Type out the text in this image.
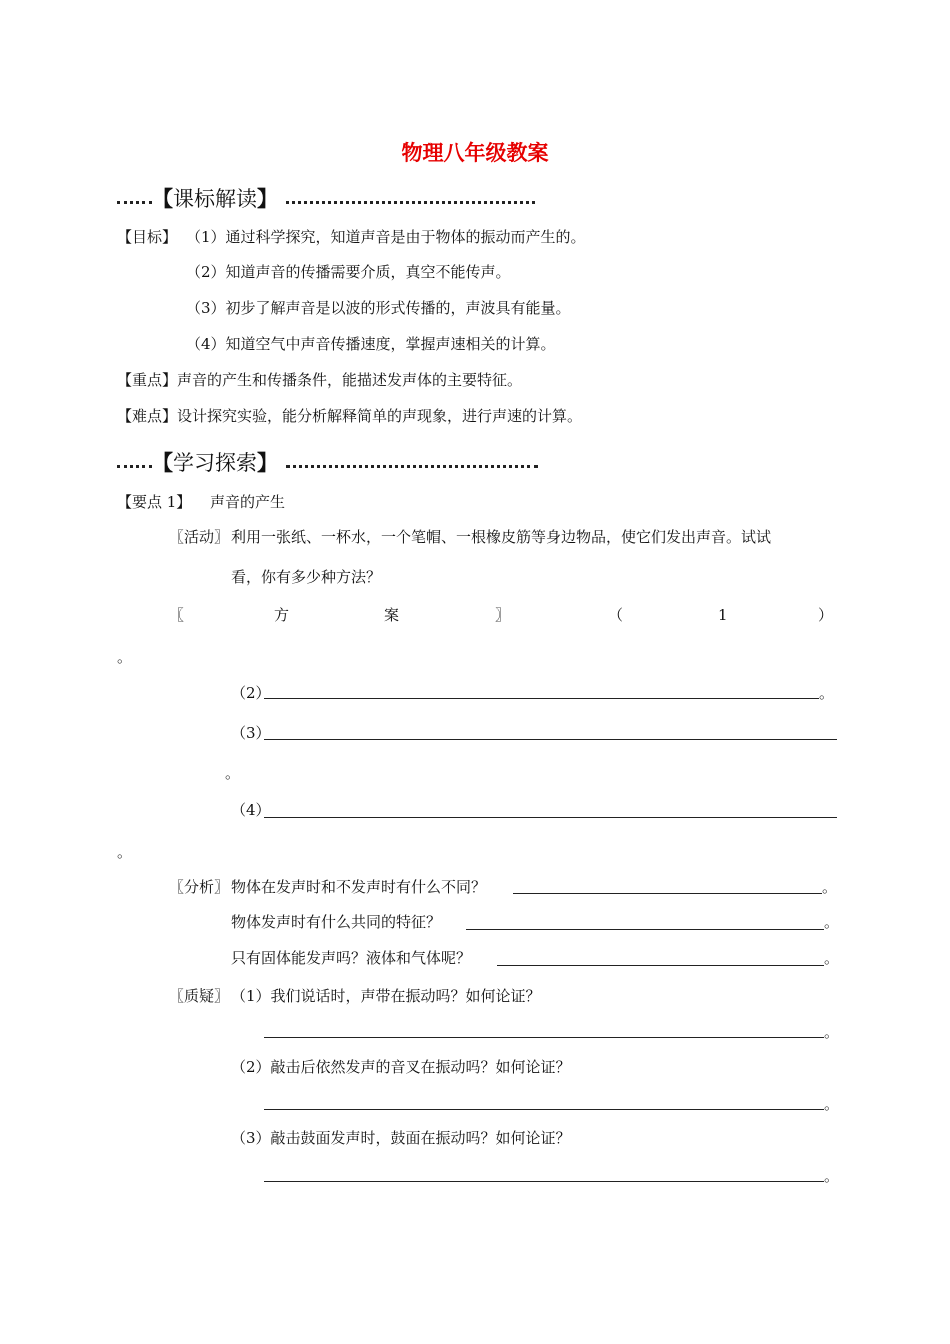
物理八年级教案
【课标解读】
【目标】 （1）通过科学探究，知道声音是由于物体的振动而产生的。
（2）知道声音的传播需要介质，真空不能传声。
（3）初步了解声音是以波的形式传播的，声波具有能量。
（4）知道空气中声音传播速度，掌握声速相关的计算。
【重点】声音的产生和传播条件，能描述发声体的主要特征。
【难点】设计探究实验，能分析解释简单的声现象，进行声速的计算。
【学习探索】
【要点 1】 声音的产生
〖活动〗 利用一张纸、一杯水，一个笔帽、一根橡皮筋等身边物品，使它们发出声音。试试
看，你有多少种方法？
〖	方	案	〗	（	1	）
。
（2）	。
（3）
。
（4）
。
〖分析〗 物体在发声时和不发声时有什么不同？	。
物体发声时有什么共同的特征？	。
只有固体能发声吗？液体和气体呢？	。
〖质疑〗 （1）我们说话时，声带在振动吗？如何论证？
。
（2）敲击后依然发声的音叉在振动吗？如何论证？
。
（3）敲击鼓面发声时，鼓面在振动吗？如何论证？
。
